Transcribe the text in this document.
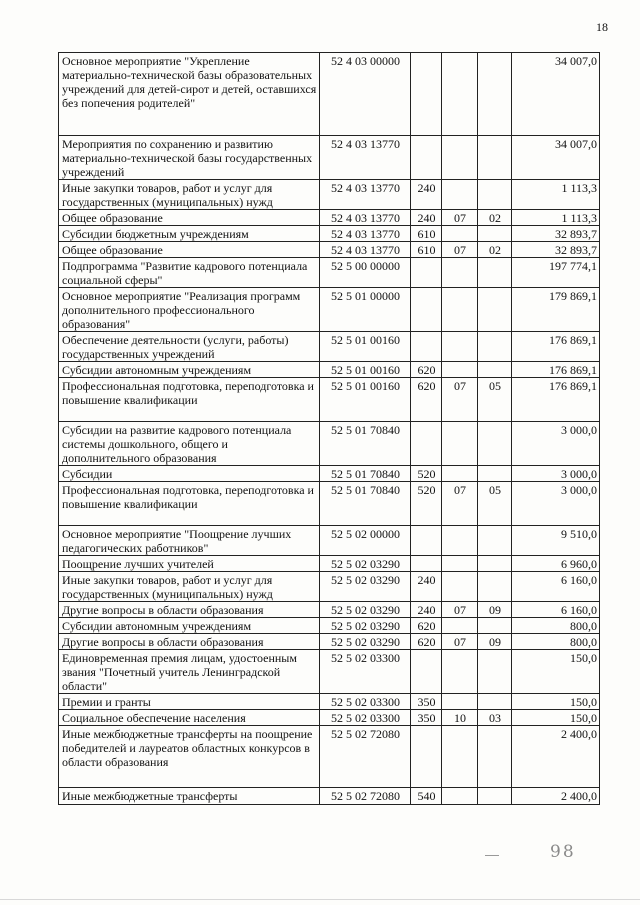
18
Основное мероприятие "Укрепление материально-технической базы образовательных учреждений для детей-сирот и детей, оставшихся без попечения родителей"	52 4 03 00000				34 007,0
Мероприятия по сохранению и развитию материально-технической базы государственных учреждений	52 4 03 13770				34 007,0
Иные закупки товаров, работ и услуг для государственных (муниципальных) нужд	52 4 03 13770	240			1 113,3
Общее образование	52 4 03 13770	240	07	02	1 113,3
Субсидии бюджетным учреждениям	52 4 03 13770	610			32 893,7
Общее образование	52 4 03 13770	610	07	02	32 893,7
Подпрограмма "Развитие кадрового потенциала социальной сферы"	52 5 00 00000				197 774,1
Основное мероприятие "Реализация программ дополнительного профессионального образования"	52 5 01 00000				179 869,1
Обеспечение деятельности (услуги, работы) государственных учреждений	52 5 01 00160				176 869,1
Субсидии автономным учреждениям	52 5 01 00160	620			176 869,1
Профессиональная подготовка, переподготовка и повышение квалификации	52 5 01 00160	620	07	05	176 869,1
Субсидии на развитие кадрового потенциала системы дошкольного, общего и дополнительного образования	52 5 01 70840				3 000,0
Субсидии	52 5 01 70840	520			3 000,0
Профессиональная подготовка, переподготовка и повышение квалификации	52 5 01 70840	520	07	05	3 000,0
Основное мероприятие "Поощрение лучших педагогических работников"	52 5 02 00000				9 510,0
Поощрение лучших учителей	52 5 02 03290				6 960,0
Иные закупки товаров, работ и услуг для государственных (муниципальных) нужд	52 5 02 03290	240			6 160,0
Другие вопросы в области образования	52 5 02 03290	240	07	09	6 160,0
Субсидии автономным учреждениям	52 5 02 03290	620			800,0
Другие вопросы в области образования	52 5 02 03290	620	07	09	800,0
Единовременная премия лицам, удостоенным звания "Почетный учитель Ленинградской области"	52 5 02 03300				150,0
Премии и гранты	52 5 02 03300	350			150,0
Социальное обеспечение населения	52 5 02 03300	350	10	03	150,0
Иные межбюджетные трансферты на поощрение победителей и лауреатов областных конкурсов в области образования	52 5 02 72080				2 400,0
Иные межбюджетные трансферты	52 5 02 72080	540			2 400,0
98
